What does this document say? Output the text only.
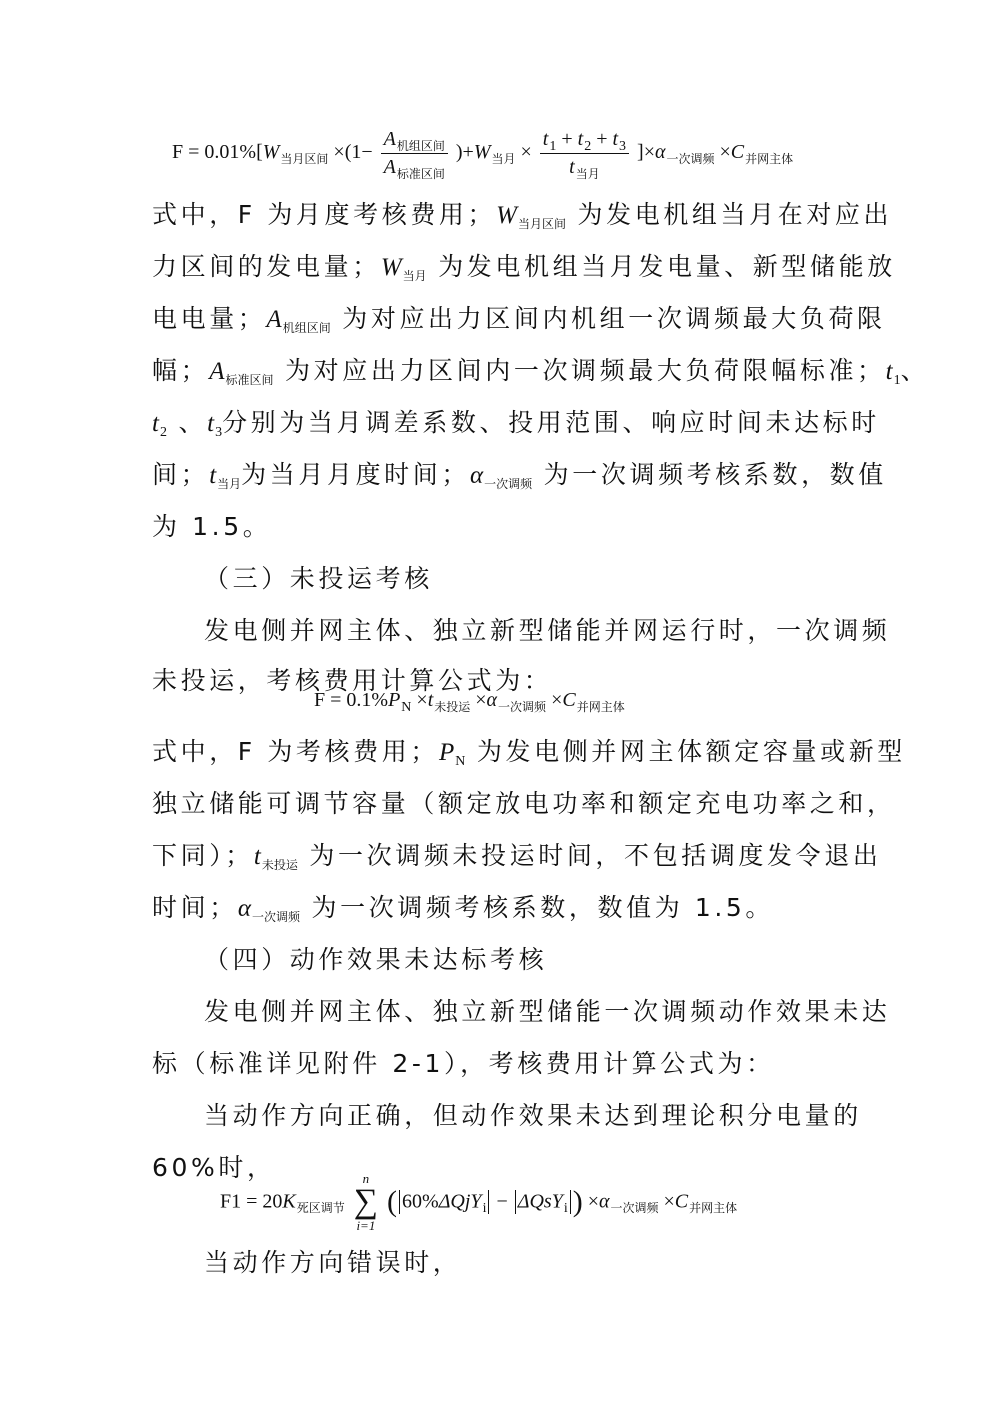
$F = 0.01\%[W_{当月区间} \times(1- \frac{A_{机组区间}}{A_{标准区间}} )+W_{当月} \times \frac{t_1 + t_2 + t_3}{t_{当月}} ]\times\alpha_{一次调频} \times C_{并网主体}$
式中，F 为月度考核费用；$W_{当月区间}$ 为发电机组当月在对应出
力区间的发电量；$W_{当月}$ 为发电机组当月发电量、新型储能放
电电量；$A_{机组区间}$ 为对应出力区间内机组一次调频最大负荷限
幅；$A_{标准区间}$ 为对应出力区间内一次调频最大负荷限幅标准；$t_1$、
$t_2$ 、$t_3$分别为当月调差系数、投用范围、响应时间未达标时
间；$t_{当月}$为当月月度时间；$\alpha_{一次调频}$ 为一次调频考核系数，数值
为 1.5。
（三）未投运考核
发电侧并网主体、独立新型储能并网运行时，一次调频
未投运，考核费用计算公式为：
$F = 0.1\%P_N \times t_{未投运} \times\alpha_{一次调频} \times C_{并网主体}$
式中，F 为考核费用；$P_N$ 为发电侧并网主体额定容量或新型
独立储能可调节容量（额定放电功率和额定充电功率之和，
下同）；$t_{未投运}$ 为一次调频未投运时间，不包括调度发令退出
时间；$\alpha_{一次调频}$ 为一次调频考核系数，数值为 1.5。
（四）动作效果未达标考核
发电侧并网主体、独立新型储能一次调频动作效果未达
标（标准详见附件 2-1），考核费用计算公式为：
当动作方向正确，但动作效果未达到理论积分电量的
60%时，
$F1 = 20K_{死区调节}$
n
∑
i=1
( 60%ΔQjY$_i$ − ΔQsY$_i$ ) $\times\alpha_{一次调频} \times C_{并网主体}$
当动作方向错误时，
